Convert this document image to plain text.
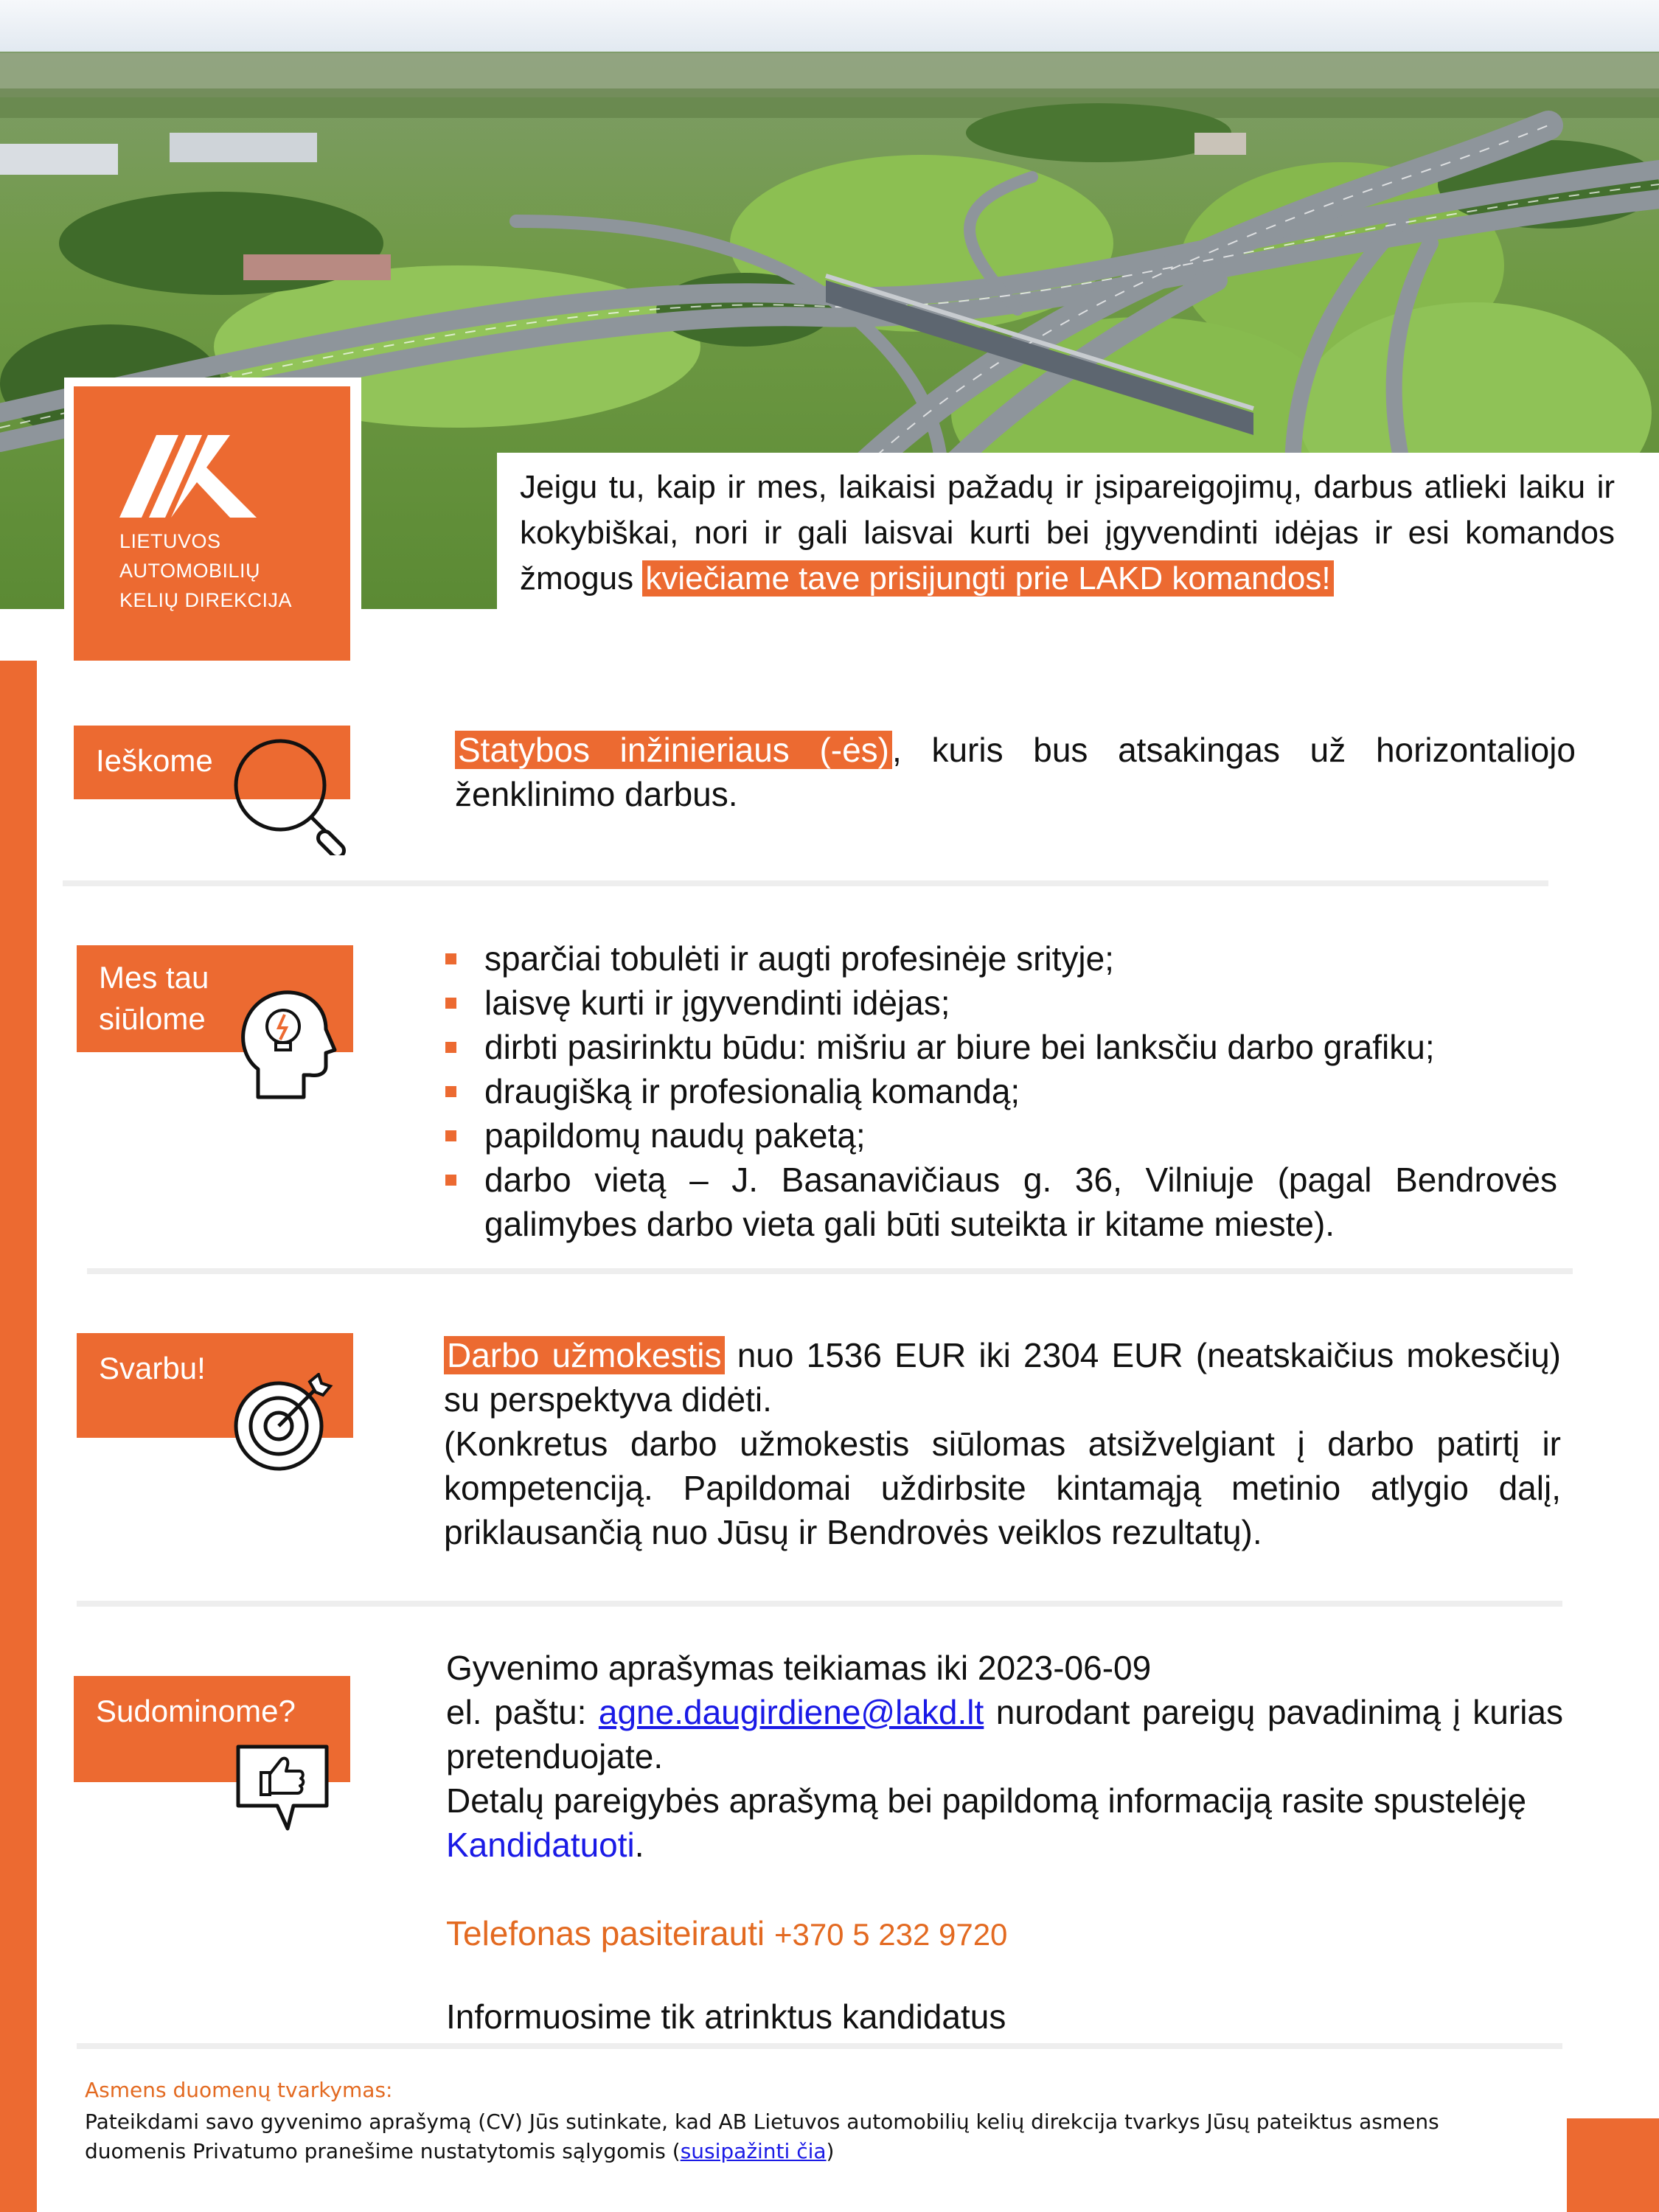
LIETUVOS
AUTOMOBILIŲ
KELIŲ DIREKCIJA
Jeigu tu, kaip ir mes, laikaisi pažadų ir įsipareigojimų, darbus atlieki laiku ir kokybiškai, nori ir gali laisvai kurti bei įgyvendinti idėjas ir esi komandos žmogus kviečiame tave prisijungti prie LAKD komandos!
Ieškome	Statybos inžinieriaus (-ės), kuris bus atsakingas už horizontaliojo ženklinimo darbus.
Mes tau
siūlome
sparčiai tobulėti ir augti profesinėje srityje;
laisvę kurti ir įgyvendinti idėjas;
dirbti pasirinktu būdu: mišriu ar biure bei lanksčiu darbo grafiku;
draugišką ir profesionalią komandą;
papildomų naudų paketą;
darbo vietą – J. Basanavičiaus g. 36, Vilniuje (pagal Bendrovės galimybes darbo vieta gali būti suteikta ir kitame mieste).
Svarbu!	Darbo užmokestis nuo 1536 EUR iki 2304 EUR (neatskaičius mokesčių) su perspektyva didėti.
(Konkretus darbo užmokestis siūlomas atsižvelgiant į darbo patirtį ir kompetenciją. Papildomai uždirbsite kintamąją metinio atlygio dalį, priklausančią nuo Jūsų ir Bendrovės veiklos rezultatų).
Sudominome?
Gyvenimo aprašymas teikiamas iki 2023-06-09
el. paštu: agne.daugirdiene@lakd.lt nurodant pareigų pavadinimą į kurias pretenduojate.
Detalų pareigybės aprašymą bei papildomą informaciją rasite spustelėję Kandidatuoti.
Telefonas pasiteirauti +370 5 232 9720
Informuosime tik atrinktus kandidatus
Asmens duomenų tvarkymas:
Pateikdami savo gyvenimo aprašymą (CV) Jūs sutinkate, kad AB Lietuvos automobilių kelių direkcija tvarkys Jūsų pateiktus asmens duomenis Privatumo pranešime nustatytomis sąlygomis (susipažinti čia)
